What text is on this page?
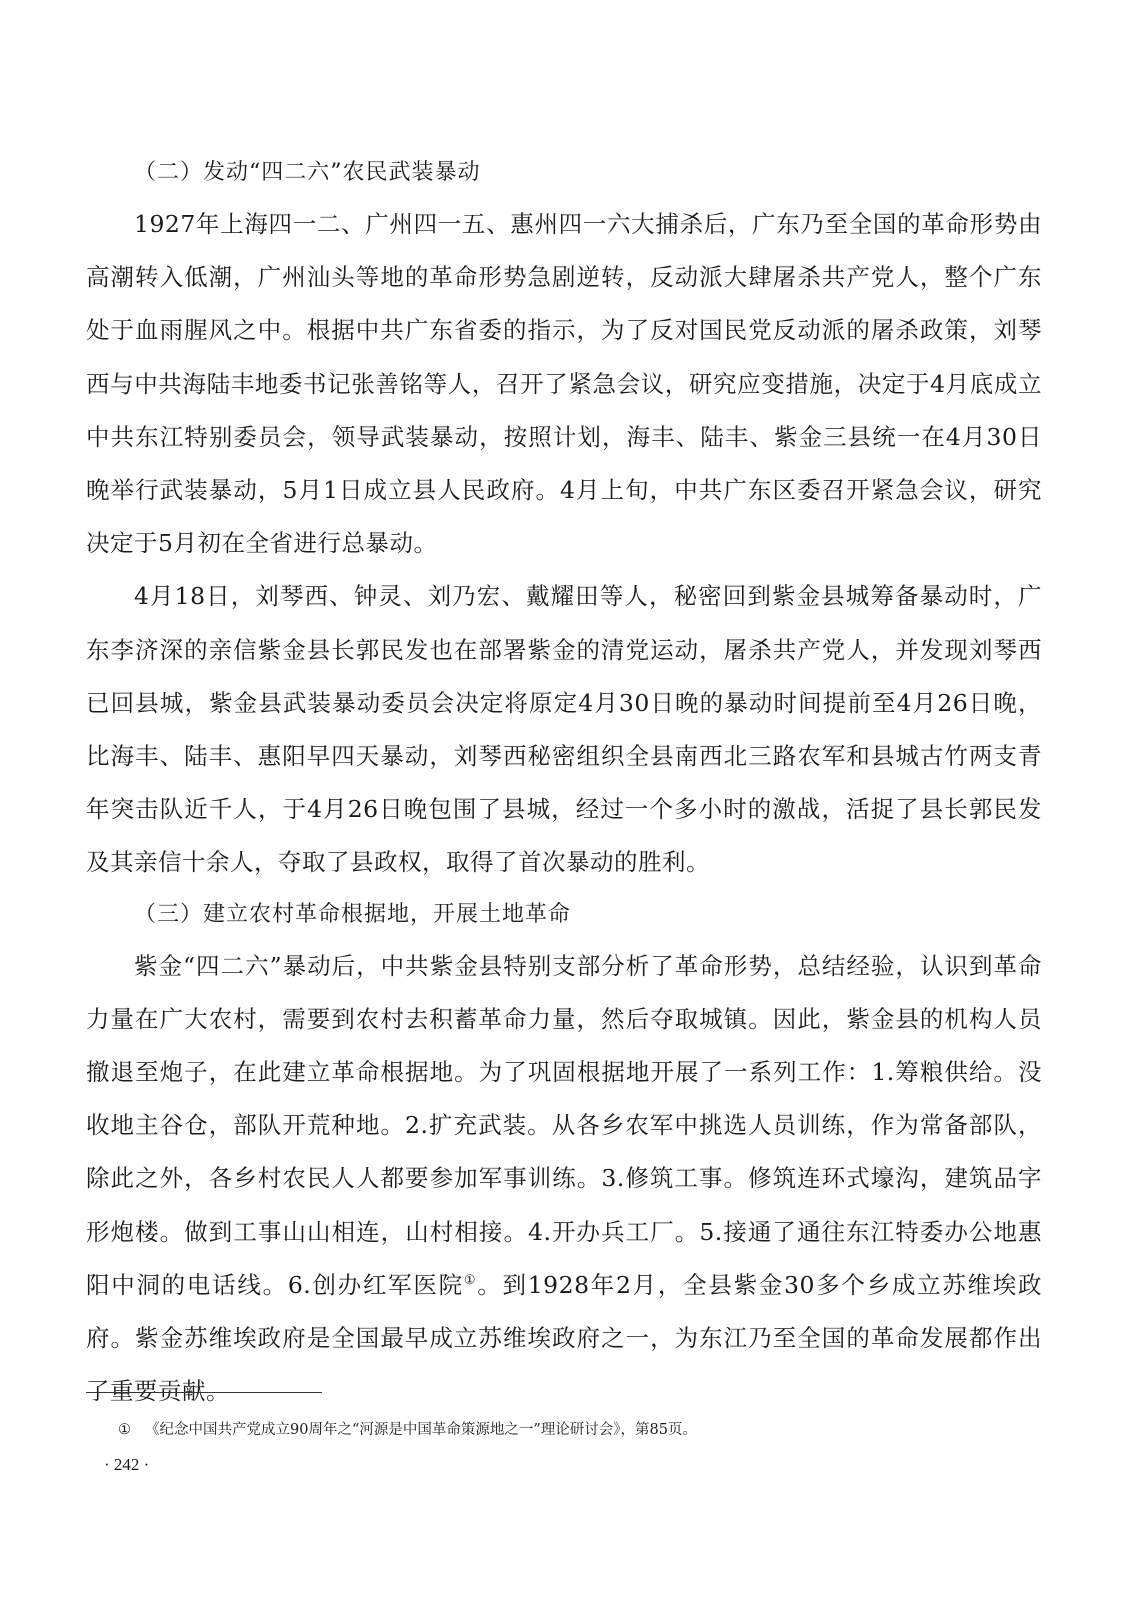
（二）发动“四二六”农民武装暴动

1927年上海四一二、广州四一五、惠州四一六大捕杀后，广东乃至全国的革命形势由高潮转入低潮，广州汕头等地的革命形势急剧逆转，反动派大肆屠杀共产党人，整个广东处于血雨腥风之中。根据中共广东省委的指示，为了反对国民党反动派的屠杀政策，刘琴西与中共海陆丰地委书记张善铭等人，召开了紧急会议，研究应变措施，决定于4月底成立中共东江特别委员会，领导武装暴动，按照计划，海丰、陆丰、紫金三县统一在4月30日晚举行武装暴动，5月1日成立县人民政府。4月上旬，中共广东区委召开紧急会议，研究决定于5月初在全省进行总暴动。

4月18日，刘琴西、钟灵、刘乃宏、戴耀田等人，秘密回到紫金县城筹备暴动时，广东李济深的亲信紫金县长郭民发也在部署紫金的清党运动，屠杀共产党人，并发现刘琴西已回县城，紫金县武装暴动委员会决定将原定4月30日晚的暴动时间提前至4月26日晚，比海丰、陆丰、惠阳早四天暴动，刘琴西秘密组织全县南西北三路农军和县城古竹两支青年突击队近千人，于4月26日晚包围了县城，经过一个多小时的激战，活捉了县长郭民发及其亲信十余人，夺取了县政权，取得了首次暴动的胜利。

（三）建立农村革命根据地，开展土地革命

紫金“四二六”暴动后，中共紫金县特别支部分析了革命形势，总结经验，认识到革命力量在广大农村，需要到农村去积蓄革命力量，然后夺取城镇。因此，紫金县的机构人员撤退至炮子，在此建立革命根据地。为了巩固根据地开展了一系列工作：1.筹粮供给。没收地主谷仓，部队开荒种地。2.扩充武装。从各乡农军中挑选人员训练，作为常备部队，除此之外，各乡村农民人人都要参加军事训练。3.修筑工事。修筑连环式壕沟，建筑品字形炮楼。做到工事山山相连，山村相接。4.开办兵工厂。5.接通了通往东江特委办公地惠阳中洞的电话线。6.创办红军医院①。到1928年2月，全县紫金30多个乡成立苏维埃政府。紫金苏维埃政府是全国最早成立苏维埃政府之一，为东江乃至全国的革命发展都作出了重要贡献。

① 《纪念中国共产党成立90周年之“河源是中国革命策源地之一”理论研讨会》，第85页。
· 242 ·
